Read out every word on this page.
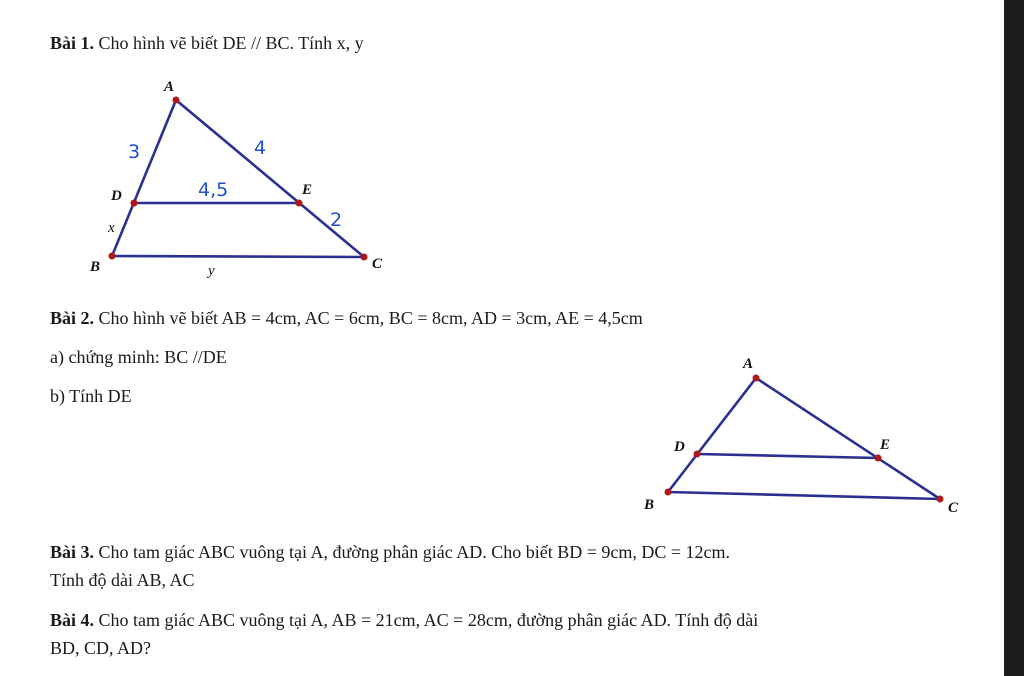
Bài 1. Cho hình vẽ biết DE // BC. Tính x, y
A
D	E
B	C
x
y
3	4
4,5
2
Bài 2. Cho hình vẽ biết AB = 4cm, AC = 6cm, BC = 8cm, AD = 3cm, AE = 4,5cm
a) chứng minh: BC //DE
b) Tính DE
A
D	E
B	C
Bài 3. Cho tam giác ABC vuông tại A, đường phân giác AD. Cho biết BD = 9cm, DC = 12cm.
Tính độ dài AB, AC
Bài 4. Cho tam giác ABC vuông tại A, AB = 21cm, AC = 28cm, đường phân giác AD. Tính độ dài
BD, CD, AD?
